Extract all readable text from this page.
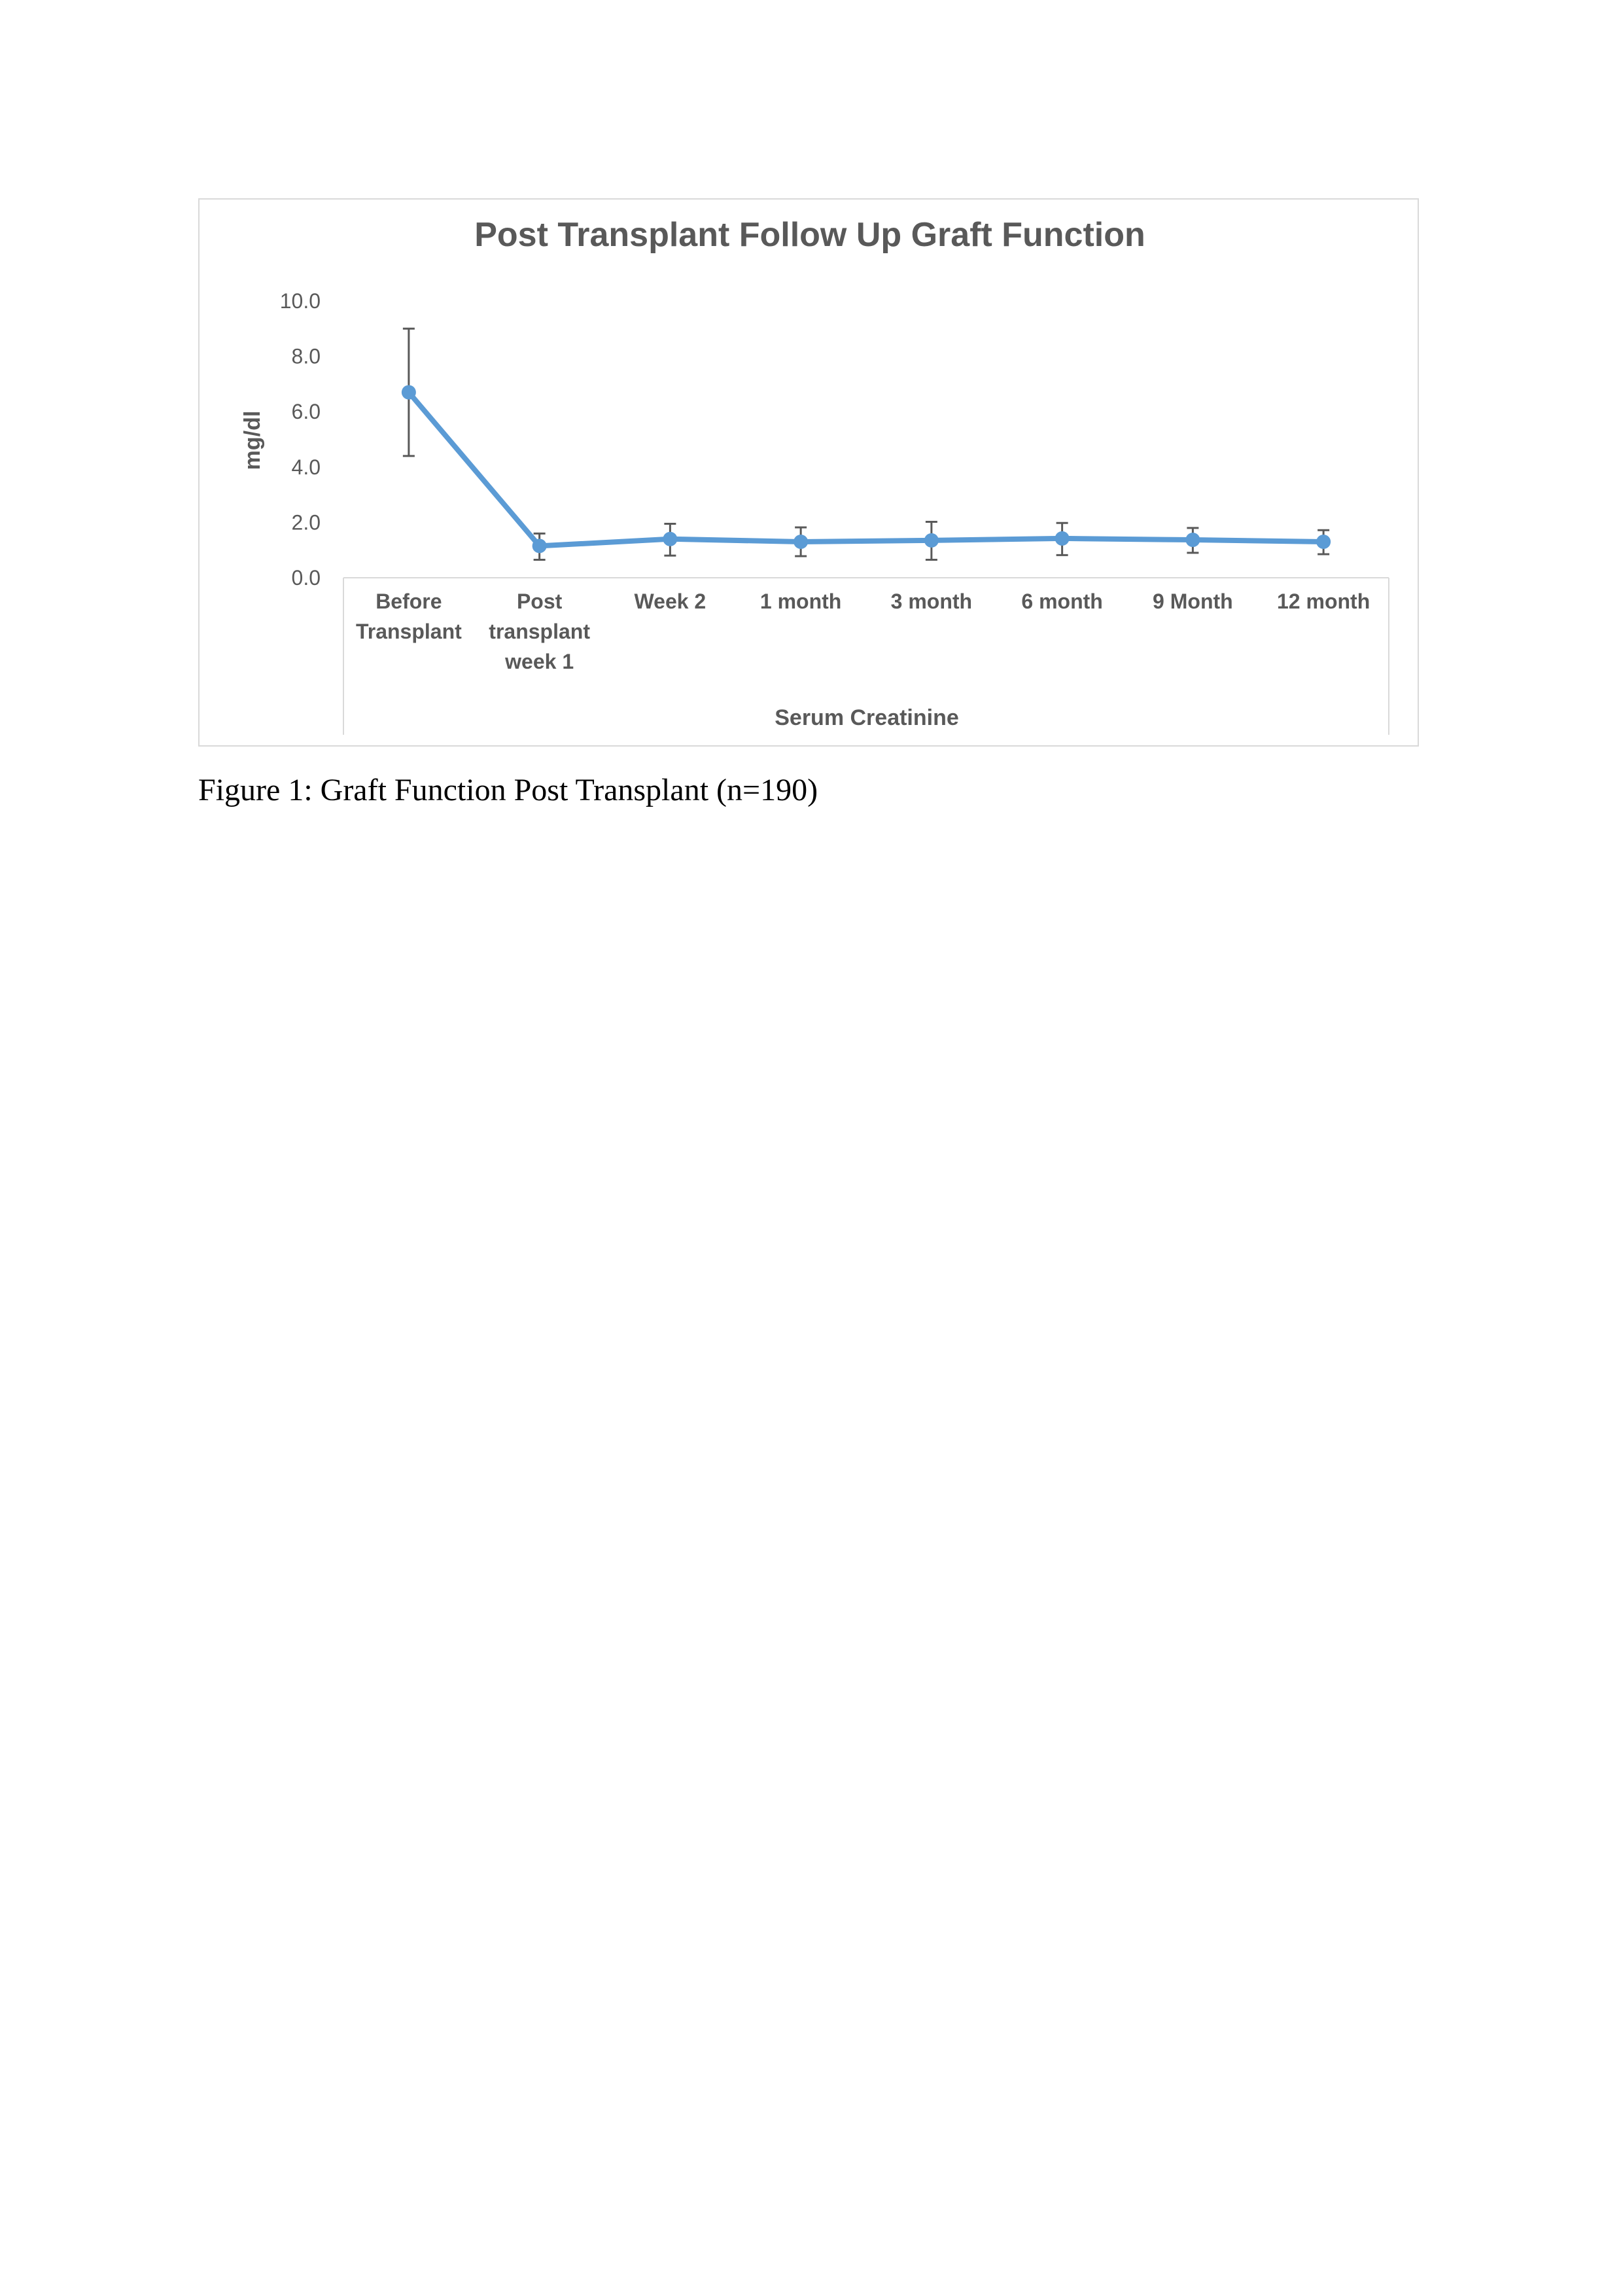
Post Transplant Follow Up Graft Function
0.0
2.0
4.0
6.0
8.0
10.0
mg/dl
Before Transplant
Post transplant week 1
Week 2	1 month 3 month 6 month 9 Month 12 month
Serum Creatinine
Figure 1: Graft Function Post Transplant (n=190)
